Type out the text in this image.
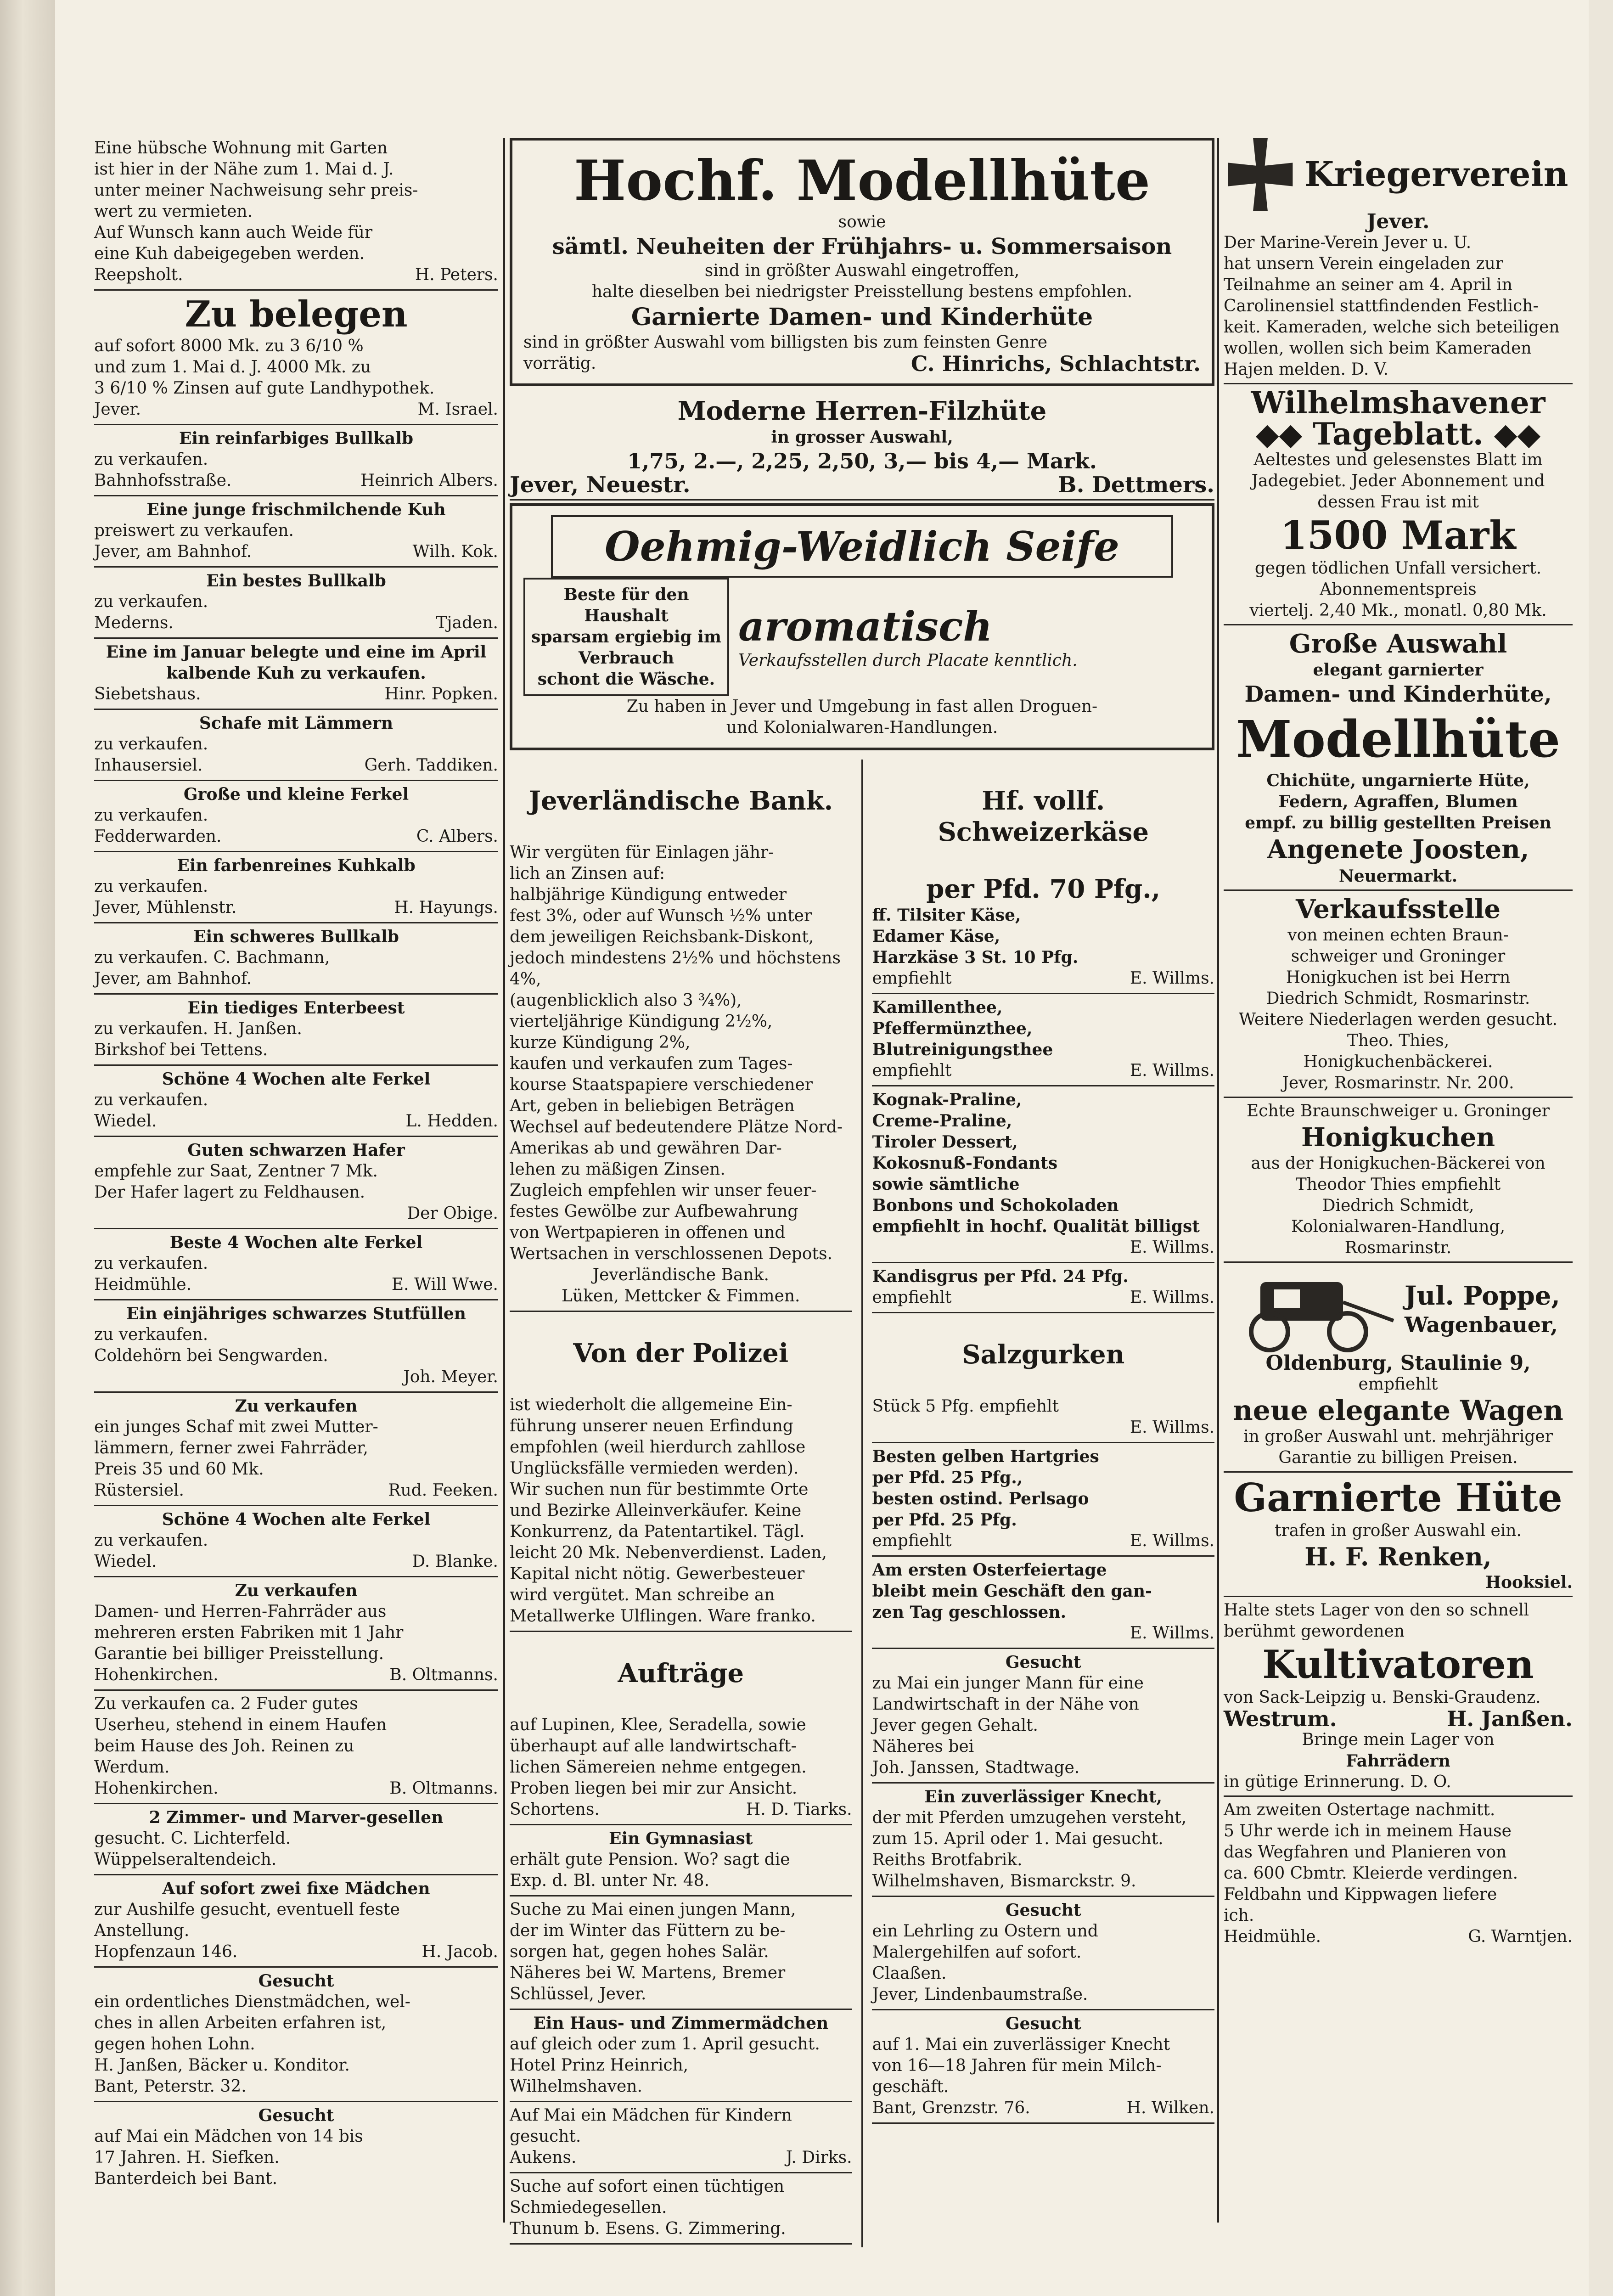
Eine hübsche Wohnung mit Garten

ist hier in der Nähe zum 1. Mai d. J.

unter meiner Nachweisung sehr preis-

wert zu vermieten.

Auf Wunsch kann auch Weide für

eine Kuh dabeigegeben werden.

Reepsholt.	H. Peters.

Zu belegen

auf sofort 8000 Mk. zu 3 6/10 %

und zum 1. Mai d. J. 4000 Mk. zu

3 6/10 % Zinsen auf gute Landhypothek.

Jever.	M. Israel.

Ein reinfarbiges Bullkalb

zu verkaufen.

Bahnhofsstraße.	Heinrich Albers.

Eine junge frischmilchende Kuh

preiswert zu verkaufen.

Jever, am Bahnhof.	Wilh. Kok.

Ein bestes Bullkalb

zu verkaufen.

Mederns.	Tjaden.

Eine im Januar belegte und eine im April kalbende Kuh zu verkaufen.

Siebetshaus.	Hinr. Popken.

Schafe mit Lämmern

zu verkaufen.

Inhausersiel.	Gerh. Taddiken.

Große und kleine Ferkel

zu verkaufen.

Fedderwarden.	C. Albers.

Ein farbenreines Kuhkalb

zu verkaufen.

Jever, Mühlenstr.	H. Hayungs.

Ein schweres Bullkalb

zu verkaufen. C. Bachmann,

Jever, am Bahnhof.

Ein tiediges Enterbeest

zu verkaufen. H. Janßen.

Birkshof bei Tettens.

Schöne 4 Wochen alte Ferkel

zu verkaufen.

Wiedel.	L. Hedden.

Guten schwarzen Hafer

empfehle zur Saat, Zentner 7 Mk.

Der Hafer lagert zu Feldhausen.

Der Obige.

Beste 4 Wochen alte Ferkel

zu verkaufen.

Heidmühle.	E. Will Wwe.

Ein einjähriges schwarzes Stutfüllen

zu verkaufen.

Coldehörn bei Sengwarden.

Joh. Meyer.

Zu verkaufen

ein junges Schaf mit zwei Mutter-

lämmern, ferner zwei Fahrräder,

Preis 35 und 60 Mk.

Rüstersiel.	Rud. Feeken.

Schöne 4 Wochen alte Ferkel

zu verkaufen.

Wiedel.	D. Blanke.

Zu verkaufen

Damen- und Herren-Fahrräder aus

mehreren ersten Fabriken mit 1 Jahr

Garantie bei billiger Preisstellung.

Hohenkirchen.	B. Oltmanns.

Zu verkaufen ca. 2 Fuder gutes

Userheu, stehend in einem Haufen

beim Hause des Joh. Reinen zu

Werdum.

Hohenkirchen.	B. Oltmanns.

2 Zimmer- und Marver-gesellen

gesucht. C. Lichterfeld.

Wüppelseraltendeich.

Auf sofort zwei fixe Mädchen

zur Aushilfe gesucht, eventuell feste

Anstellung.

Hopfenzaun 146.	H. Jacob.

Gesucht

ein ordentliches Dienstmädchen, wel-

ches in allen Arbeiten erfahren ist,

gegen hohen Lohn.

H. Janßen, Bäcker u. Konditor.

Bant, Peterstr. 32.

Gesucht

auf Mai ein Mädchen von 14 bis

17 Jahren. H. Siefken.

Banterdeich bei Bant.

Hochf. Modellhüte

sowie

sämtl. Neuheiten der Frühjahrs- u. Sommersaison

sind in größter Auswahl eingetroffen,

halte dieselben bei niedrigster Preisstellung bestens empfohlen.

Garnierte Damen- und Kinderhüte

sind in größter Auswahl vom billigsten bis zum feinsten Genre

vorrätig.	C. Hinrichs, Schlachtstr.

Moderne Herren-Filzhüte

in grosser Auswahl,

1,75, 2.—, 2,25, 2,50, 3,— bis 4,— Mark.

Jever, Neuestr.	B. Dettmers.

Oehmig-Weidlich Seife

Beste für den Haushalt

sparsam ergiebig im Verbrauch

schont die Wäsche.

aromatisch

Verkaufsstellen durch Placate kenntlich.

Zu haben in Jever und Umgebung in fast allen Droguen-

und Kolonialwaren-Handlungen.

Jeverländische Bank.

Wir vergüten für Einlagen jähr-

lich an Zinsen auf:

halbjährige Kündigung entweder

fest 3%, oder auf Wunsch ½% unter

dem jeweiligen Reichsbank-Diskont,

jedoch mindestens 2½% und höchstens

4%,

(augenblicklich also 3 ¾%),

vierteljährige Kündigung 2½%,

kurze Kündigung 2%,

kaufen und verkaufen zum Tages-

kourse Staatspapiere verschiedener

Art, geben in beliebigen Beträgen

Wechsel auf bedeutendere Plätze Nord-

Amerikas ab und gewähren Dar-

lehen zu mäßigen Zinsen.

Zugleich empfehlen wir unser feuer-

festes Gewölbe zur Aufbewahrung

von Wertpapieren in offenen und

Wertsachen in verschlossenen Depots.

Jeverländische Bank.

Lüken, Mettcker & Fimmen.

Von der Polizei

ist wiederholt die allgemeine Ein-

führung unserer neuen Erfindung

empfohlen (weil hierdurch zahllose

Unglücksfälle vermieden werden).

Wir suchen nun für bestimmte Orte

und Bezirke Alleinverkäufer. Keine

Konkurrenz, da Patentartikel. Tägl.

leicht 20 Mk. Nebenverdienst. Laden,

Kapital nicht nötig. Gewerbesteuer

wird vergütet. Man schreibe an

Metallwerke Ulflingen. Ware franko.

Aufträge

auf Lupinen, Klee, Seradella, sowie

überhaupt auf alle landwirtschaft-

lichen Sämereien nehme entgegen.

Proben liegen bei mir zur Ansicht.

Schortens.	H. D. Tiarks.

Ein Gymnasiast

erhält gute Pension. Wo? sagt die

Exp. d. Bl. unter Nr. 48.

Suche zu Mai einen jungen Mann,

der im Winter das Füttern zu be-

sorgen hat, gegen hohes Salär.

Näheres bei W. Martens, Bremer

Schlüssel, Jever.

Ein Haus- und Zimmermädchen

auf gleich oder zum 1. April gesucht.

Hotel Prinz Heinrich,

Wilhelmshaven.

Auf Mai ein Mädchen für Kindern

gesucht.

Aukens.	J. Dirks.

Suche auf sofort einen tüchtigen

Schmiedegesellen.

Thunum b. Esens. G. Zimmering.

Hf. vollf. Schweizerkäse

per Pfd. 70 Pfg.,

ff. Tilsiter Käse,

Edamer Käse,

Harzkäse 3 St. 10 Pfg.

empfiehlt	E. Willms.

Kamillenthee,

Pfeffermünzthee,

Blutreinigungsthee

empfiehlt	E. Willms.

Kognak-Praline,

Creme-Praline,

Tiroler Dessert,

Kokosnuß-Fondants

sowie sämtliche

Bonbons und Schokoladen

empfiehlt in hochf. Qualität billigst

E. Willms.

Kandisgrus per Pfd. 24 Pfg.

empfiehlt	E. Willms.

Salzgurken

Stück 5 Pfg. empfiehlt

E. Willms.

Besten gelben Hartgries

per Pfd. 25 Pfg.,

besten ostind. Perlsago

per Pfd. 25 Pfg.

empfiehlt	E. Willms.

Am ersten Osterfeiertage

bleibt mein Geschäft den gan-

zen Tag geschlossen.

E. Willms.

Gesucht

zu Mai ein junger Mann für eine

Landwirtschaft in der Nähe von

Jever gegen Gehalt.

Näheres bei

Joh. Janssen, Stadtwage.

Ein zuverlässiger Knecht,

der mit Pferden umzugehen versteht,

zum 15. April oder 1. Mai gesucht.

Reiths Brotfabrik.

Wilhelmshaven, Bismarckstr. 9.

Gesucht

ein Lehrling zu Ostern und

Malergehilfen auf sofort.

Claaßen.

Jever, Lindenbaumstraße.

Gesucht

auf 1. Mai ein zuverlässiger Knecht

von 16—18 Jahren für mein Milch-

geschäft.

Bant, Grenzstr. 76.	H. Wilken.

Kriegerverein

Jever.

Der Marine-Verein Jever u. U.

hat unsern Verein eingeladen zur

Teilnahme an seiner am 4. April in

Carolinensiel stattfindenden Festlich-

keit. Kameraden, welche sich beteiligen

wollen, wollen sich beim Kameraden

Hajen melden. D. V.

Wilhelmshavener
◆◆ Tageblatt. ◆◆

Aeltestes und gelesenstes Blatt im

Jadegebiet. Jeder Abonnement und

dessen Frau ist mit

1500 Mark

gegen tödlichen Unfall versichert.

Abonnementspreis

viertelj. 2,40 Mk., monatl. 0,80 Mk.

Große Auswahl

elegant garnierter

Damen- und Kinderhüte,

Modellhüte

Chichüte, ungarnierte Hüte,

Federn, Agraffen, Blumen

empf. zu billig gestellten Preisen

Angenete Joosten,

Neuermarkt.

Verkaufsstelle

von meinen echten Braun-

schweiger und Groninger

Honigkuchen ist bei Herrn

Diedrich Schmidt, Rosmarinstr.

Weitere Niederlagen werden gesucht.

Theo. Thies,

Honigkuchenbäckerei.

Jever, Rosmarinstr. Nr. 200.

Echte Braunschweiger u. Groninger

Honigkuchen

aus der Honigkuchen-Bäckerei von

Theodor Thies empfiehlt

Diedrich Schmidt,

Kolonialwaren-Handlung,

Rosmarinstr.

Jul. Poppe,

Wagenbauer,

Oldenburg, Staulinie 9,

empfiehlt

neue elegante Wagen

in großer Auswahl unt. mehrjähriger

Garantie zu billigen Preisen.

Garnierte Hüte

trafen in großer Auswahl ein.

H. F. Renken,

Hooksiel.

Halte stets Lager von den so schnell

berühmt gewordenen

Kultivatoren

von Sack-Leipzig u. Benski-Graudenz.

Westrum.	H. Janßen.

Bringe mein Lager von

Fahrrädern

in gütige Erinnerung. D. O.

Am zweiten Ostertage nachmitt.

5 Uhr werde ich in meinem Hause

das Wegfahren und Planieren von

ca. 600 Cbmtr. Kleierde verdingen.

Feldbahn und Kippwagen liefere

ich.

Heidmühle.	G. Warntjen.
